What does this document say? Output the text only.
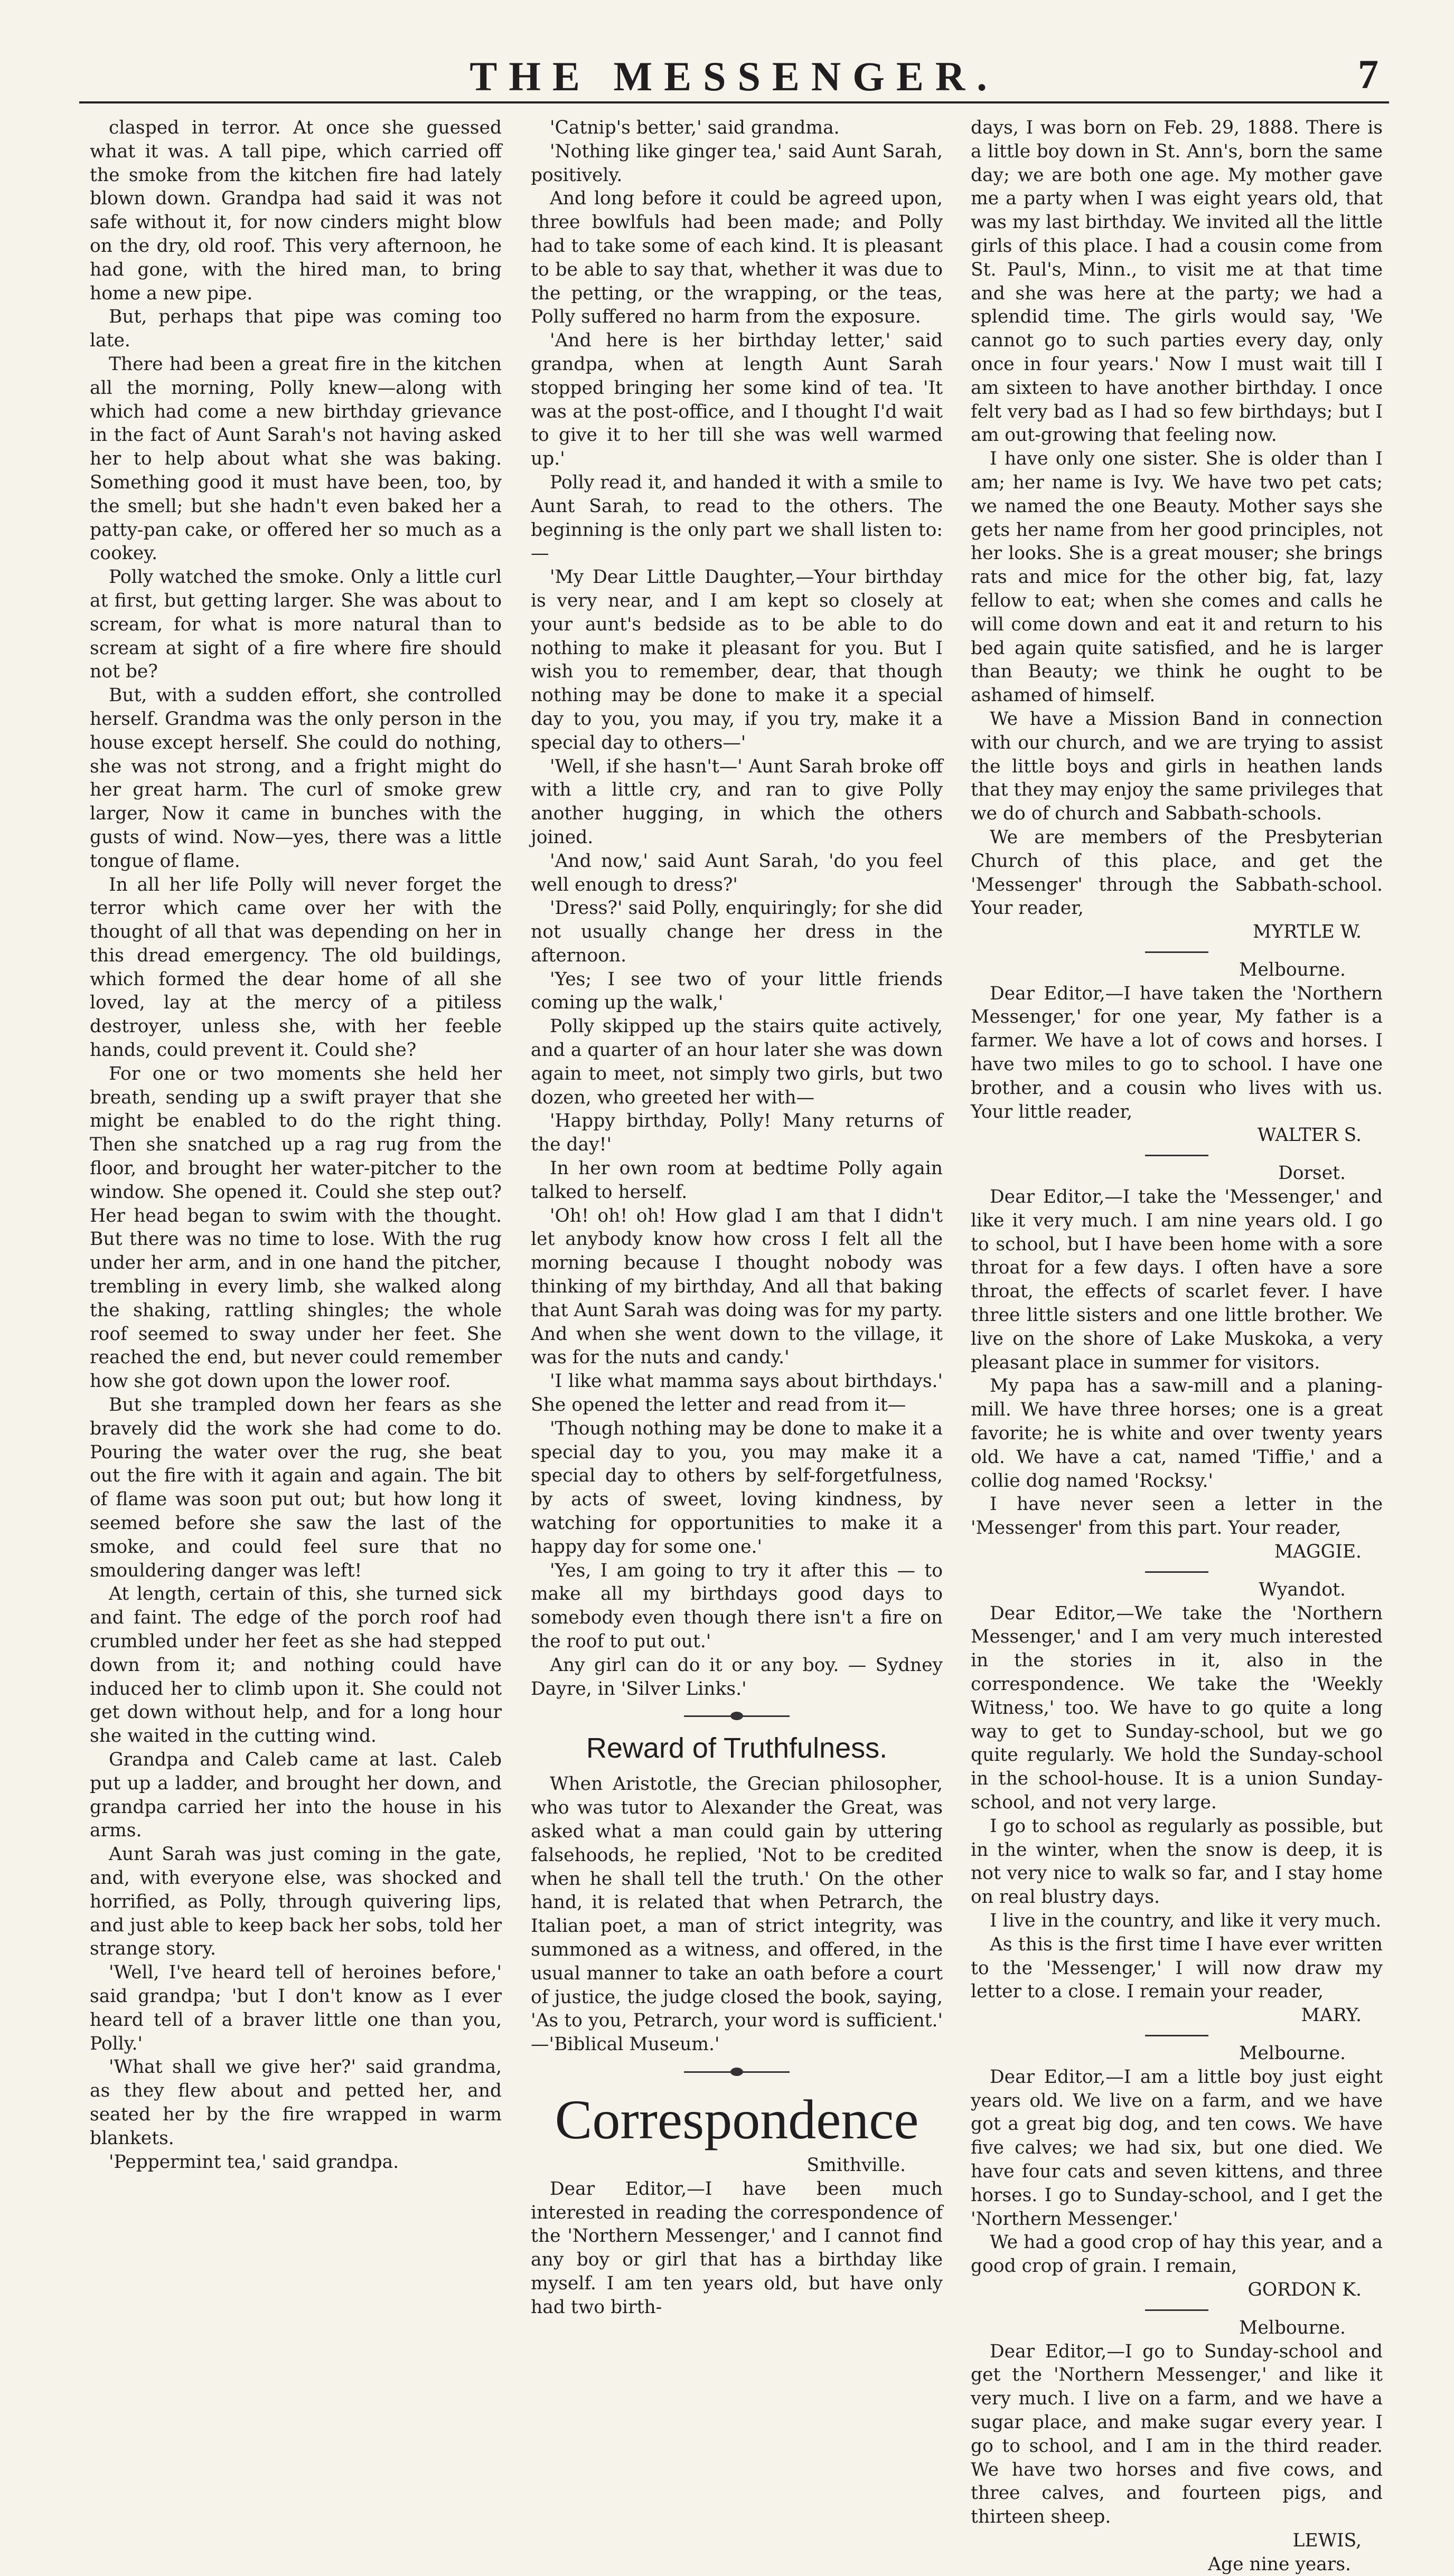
THE MESSENGER.	7

clasped in terror. At once she guessed what it was. A tall pipe, which carried off the smoke from the kitchen fire had lately blown down. Grandpa had said it was not safe without it, for now cinders might blow on the dry, old roof. This very afternoon, he had gone, with the hired man, to bring home a new pipe.

But, perhaps that pipe was coming too late.

There had been a great fire in the kitchen all the morning, Polly knew—along with which had come a new birthday grievance in the fact of Aunt Sarah's not having asked her to help about what she was baking. Something good it must have been, too, by the smell; but she hadn't even baked her a patty-pan cake, or offered her so much as a cookey.

Polly watched the smoke. Only a little curl at first, but getting larger. She was about to scream, for what is more natural than to scream at sight of a fire where fire should not be?

But, with a sudden effort, she controlled herself. Grandma was the only person in the house except herself. She could do nothing, she was not strong, and a fright might do her great harm. The curl of smoke grew larger, Now it came in bunches with the gusts of wind. Now—yes, there was a little tongue of flame.

In all her life Polly will never forget the terror which came over her with the thought of all that was depending on her in this dread emergency. The old buildings, which formed the dear home of all she loved, lay at the mercy of a pitiless destroyer, unless she, with her feeble hands, could prevent it. Could she?

For one or two moments she held her breath, sending up a swift prayer that she might be enabled to do the right thing. Then she snatched up a rag rug from the floor, and brought her water-pitcher to the window. She opened it. Could she step out? Her head began to swim with the thought. But there was no time to lose. With the rug under her arm, and in one hand the pitcher, trembling in every limb, she walked along the shaking, rattling shingles; the whole roof seemed to sway under her feet. She reached the end, but never could remember how she got down upon the lower roof.

But she trampled down her fears as she bravely did the work she had come to do. Pouring the water over the rug, she beat out the fire with it again and again. The bit of flame was soon put out; but how long it seemed before she saw the last of the smoke, and could feel sure that no smouldering danger was left!

At length, certain of this, she turned sick and faint. The edge of the porch roof had crumbled under her feet as she had stepped down from it; and nothing could have induced her to climb upon it. She could not get down without help, and for a long hour she waited in the cutting wind.

Grandpa and Caleb came at last. Caleb put up a ladder, and brought her down, and grandpa carried her into the house in his arms.

Aunt Sarah was just coming in the gate, and, with everyone else, was shocked and horrified, as Polly, through quivering lips, and just able to keep back her sobs, told her strange story.

'Well, I've heard tell of heroines before,' said grandpa; 'but I don't know as I ever heard tell of a braver little one than you, Polly.'

'What shall we give her?' said grandma, as they flew about and petted her, and seated her by the fire wrapped in warm blankets.

'Peppermint tea,' said grandpa.

'Catnip's better,' said grandma.

'Nothing like ginger tea,' said Aunt Sarah, positively.

And long before it could be agreed upon, three bowlfuls had been made; and Polly had to take some of each kind. It is pleasant to be able to say that, whether it was due to the petting, or the wrapping, or the teas, Polly suffered no harm from the exposure.

'And here is her birthday letter,' said grandpa, when at length Aunt Sarah stopped bringing her some kind of tea. 'It was at the post-office, and I thought I'd wait to give it to her till she was well warmed up.'

Polly read it, and handed it with a smile to Aunt Sarah, to read to the others. The beginning is the only part we shall listen to:—

'My Dear Little Daughter,—Your birthday is very near, and I am kept so closely at your aunt's bedside as to be able to do nothing to make it pleasant for you. But I wish you to remember, dear, that though nothing may be done to make it a special day to you, you may, if you try, make it a special day to others—'

'Well, if she hasn't—' Aunt Sarah broke off with a little cry, and ran to give Polly another hugging, in which the others joined.

'And now,' said Aunt Sarah, 'do you feel well enough to dress?'

'Dress?' said Polly, enquiringly; for she did not usually change her dress in the afternoon.

'Yes; I see two of your little friends coming up the walk,'

Polly skipped up the stairs quite actively, and a quarter of an hour later she was down again to meet, not simply two girls, but two dozen, who greeted her with—

'Happy birthday, Polly! Many returns of the day!'

In her own room at bedtime Polly again talked to herself.

'Oh! oh! oh! How glad I am that I didn't let anybody know how cross I felt all the morning because I thought nobody was thinking of my birthday, And all that baking that Aunt Sarah was doing was for my party. And when she went down to the village, it was for the nuts and candy.'

'I like what mamma says about birthdays.' She opened the letter and read from it—

'Though nothing may be done to make it a special day to you, you may make it a special day to others by self-forgetfulness, by acts of sweet, loving kindness, by watching for opportunities to make it a happy day for some one.'

'Yes, I am going to try it after this — to make all my birthdays good days to somebody even though there isn't a fire on the roof to put out.'

Any girl can do it or any boy. — Sydney Dayre, in 'Silver Links.'

Reward of Truthfulness.

When Aristotle, the Grecian philosopher, who was tutor to Alexander the Great, was asked what a man could gain by uttering falsehoods, he replied, 'Not to be credited when he shall tell the truth.' On the other hand, it is related that when Petrarch, the Italian poet, a man of strict integrity, was summoned as a witness, and offered, in the usual manner to take an oath before a court of justice, the judge closed the book, saying, 'As to you, Petrarch, your word is sufficient.' —'Biblical Museum.'

Correspondence

Smithville.

Dear Editor,—I have been much interested in reading the correspondence of the 'Northern Messenger,' and I cannot find any boy or girl that has a birthday like myself. I am ten years old, but have only had two birth-

days, I was born on Feb. 29, 1888. There is a little boy down in St. Ann's, born the same day; we are both one age. My mother gave me a party when I was eight years old, that was my last birthday. We invited all the little girls of this place. I had a cousin come from St. Paul's, Minn., to visit me at that time and she was here at the party; we had a splendid time. The girls would say, 'We cannot go to such parties every day, only once in four years.' Now I must wait till I am sixteen to have another birthday. I once felt very bad as I had so few birthdays; but I am out-growing that feeling now.

I have only one sister. She is older than I am; her name is Ivy. We have two pet cats; we named the one Beauty. Mother says she gets her name from her good principles, not her looks. She is a great mouser; she brings rats and mice for the other big, fat, lazy fellow to eat; when she comes and calls he will come down and eat it and return to his bed again quite satisfied, and he is larger than Beauty; we think he ought to be ashamed of himself.

We have a Mission Band in connection with our church, and we are trying to assist the little boys and girls in heathen lands that they may enjoy the same privileges that we do of church and Sabbath-schools.

We are members of the Presbyterian Church of this place, and get the 'Messenger' through the Sabbath-school. Your reader,

MYRTLE W.

Melbourne.

Dear Editor,—I have taken the 'Northern Messenger,' for one year, My father is a farmer. We have a lot of cows and horses. I have two miles to go to school. I have one brother, and a cousin who lives with us. Your little reader,

WALTER S.

Dorset.

Dear Editor,—I take the 'Messenger,' and like it very much. I am nine years old. I go to school, but I have been home with a sore throat for a few days. I often have a sore throat, the effects of scarlet fever. I have three little sisters and one little brother. We live on the shore of Lake Muskoka, a very pleasant place in summer for visitors.

My papa has a saw-mill and a planing-mill. We have three horses; one is a great favorite; he is white and over twenty years old. We have a cat, named 'Tiffie,' and a collie dog named 'Rocksy.'

I have never seen a letter in the 'Messenger' from this part. Your reader,

MAGGIE.

Wyandot.

Dear Editor,—We take the 'Northern Messenger,' and I am very much interested in the stories in it, also in the correspondence. We take the 'Weekly Witness,' too. We have to go quite a long way to get to Sunday-school, but we go quite regularly. We hold the Sunday-school in the school-house. It is a union Sunday-school, and not very large.

I go to school as regularly as possible, but in the winter, when the snow is deep, it is not very nice to walk so far, and I stay home on real blustry days.

I live in the country, and like it very much.

As this is the first time I have ever written to the 'Messenger,' I will now draw my letter to a close. I remain your reader,

MARY.

Melbourne.

Dear Editor,—I am a little boy just eight years old. We live on a farm, and we have got a great big dog, and ten cows. We have five calves; we had six, but one died. We have four cats and seven kittens, and three horses. I go to Sunday-school, and I get the 'Northern Messenger.'

We had a good crop of hay this year, and a good crop of grain. I remain,

GORDON K.

Melbourne.

Dear Editor,—I go to Sunday-school and get the 'Northern Messenger,' and like it very much. I live on a farm, and we have a sugar place, and make sugar every year. I go to school, and I am in the third reader. We have two horses and five cows, and three calves, and fourteen pigs, and thirteen sheep.

LEWIS,

Age nine years.
